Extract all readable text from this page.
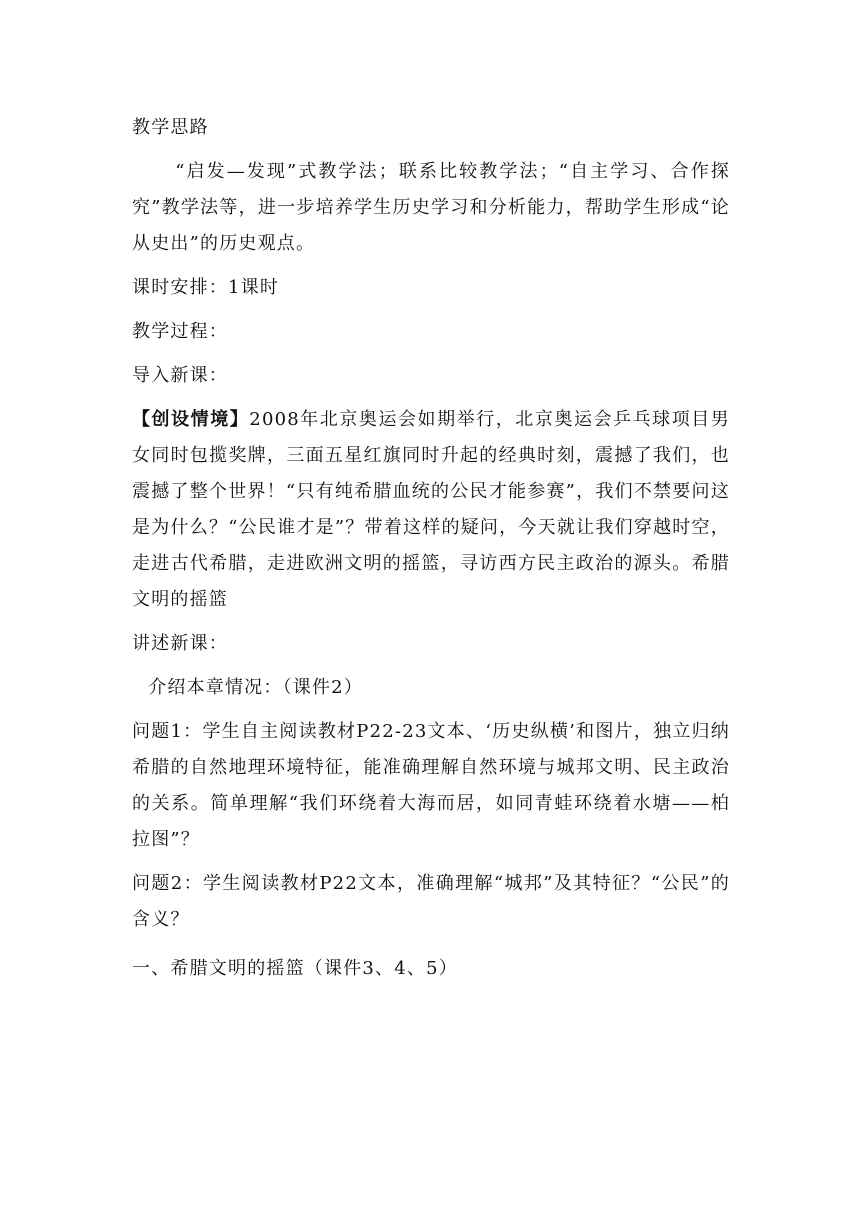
教学思路

“启发—发现”式教学法；联系比较教学法；“自主学习、合作探究”教学法等，进一步培养学生历史学习和分析能力，帮助学生形成“论从史出”的历史观点。

课时安排：1课时

教学过程：

导入新课：

【创设情境】2008年北京奥运会如期举行，北京奥运会乒乓球项目男女同时包揽奖牌，三面五星红旗同时升起的经典时刻，震撼了我们，也震撼了整个世界！“只有纯希腊血统的公民才能参赛”，我们不禁要问这是为什么？“公民谁才是”？带着这样的疑问，今天就让我们穿越时空，走进古代希腊，走进欧洲文明的摇篮，寻访西方民主政治的源头。希腊文明的摇篮

讲述新课：

介绍本章情况：（课件2）

问题1：学生自主阅读教材P22-23文本、‘历史纵横’和图片，独立归纳希腊的自然地理环境特征，能准确理解自然环境与城邦文明、民主政治的关系。简单理解“我们环绕着大海而居，如同青蛙环绕着水塘——柏拉图”？

问题2：学生阅读教材P22文本，准确理解“城邦”及其特征？“公民”的含义？

一、希腊文明的摇篮（课件3、4、5）
